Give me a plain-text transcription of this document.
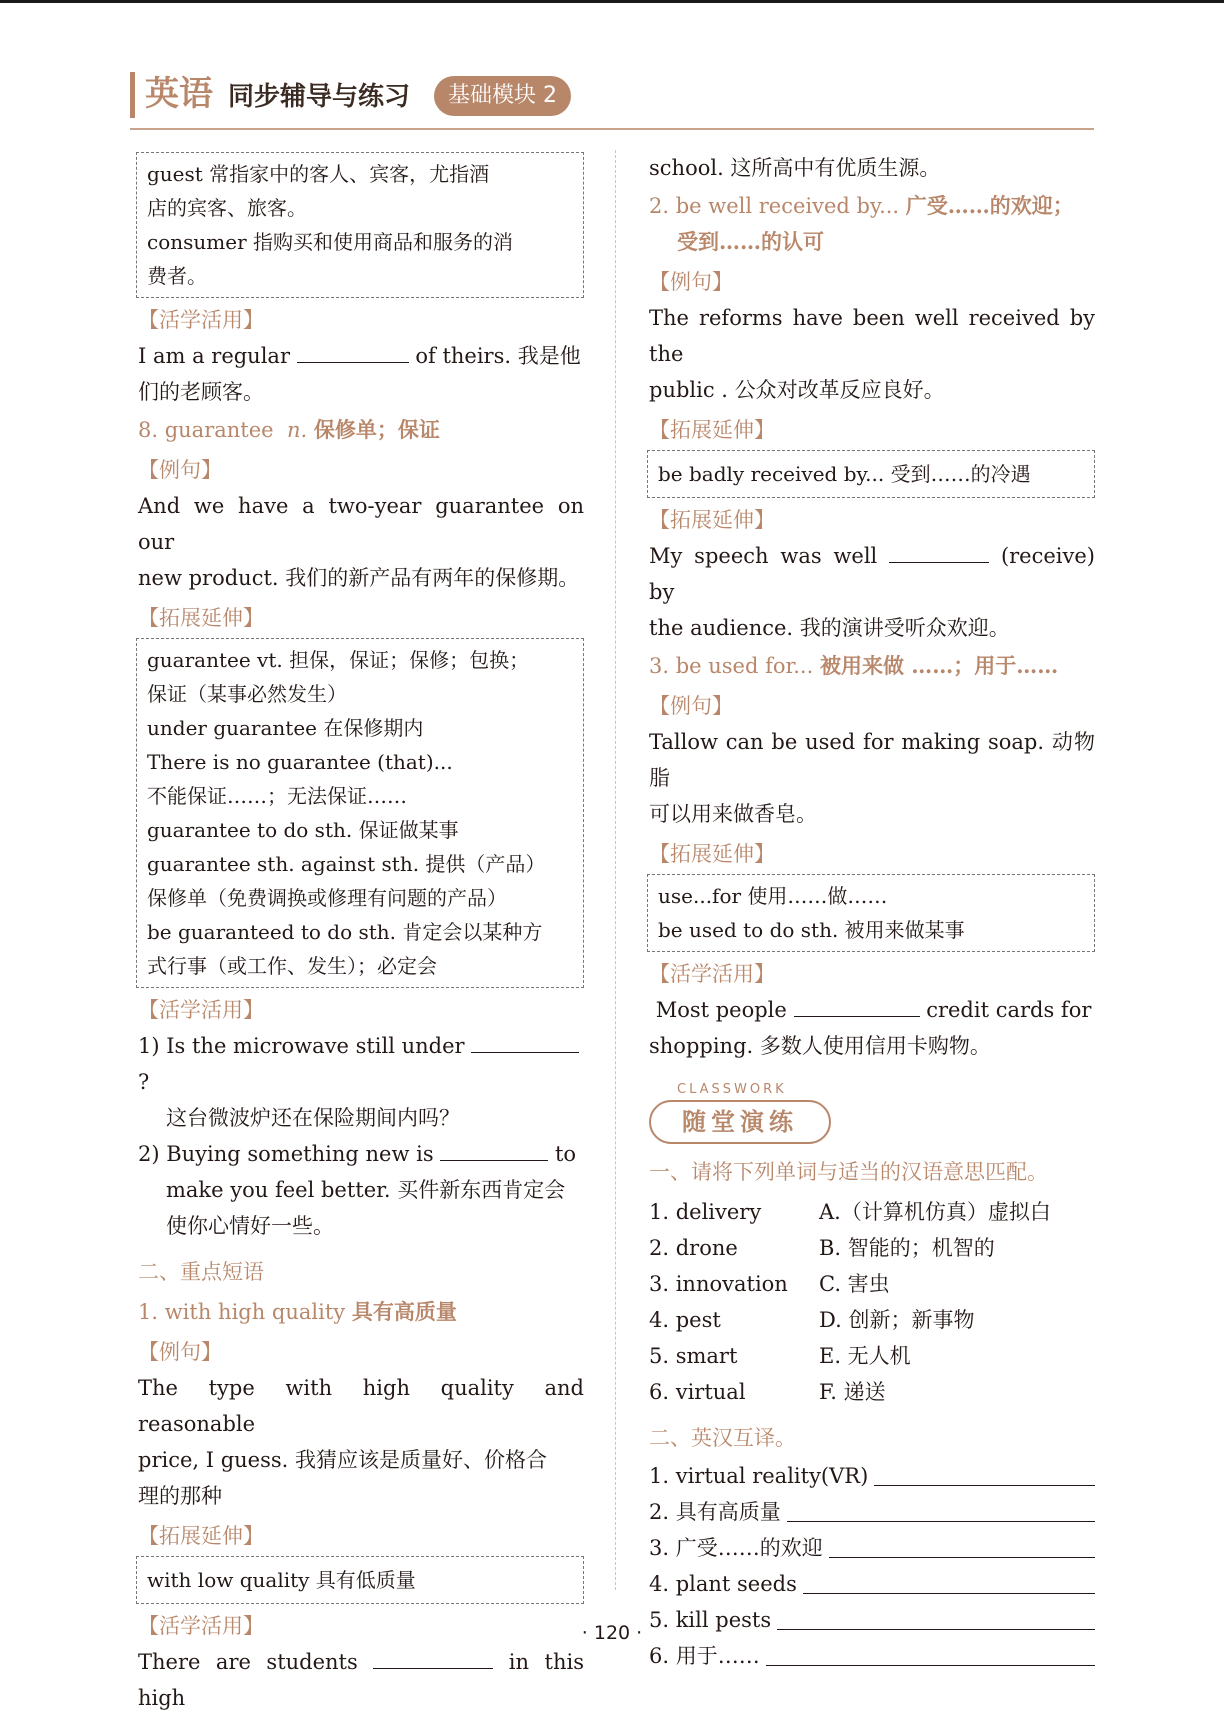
英语 同步辅导与练习	基础模块 2

guest 常指家中的客人、宾客，尤指酒

店的宾客、旅客。

consumer 指购买和使用商品和服务的消

费者。

【活学活用】

I am a regular	of theirs. 我是他

们的老顾客。

8. guarantee n. 保修单；保证

【例句】

And we have a two-year guarantee on our

new product. 我们的新产品有两年的保修期。

【拓展延伸】

guarantee vt. 担保，保证；保修；包换；

保证（某事必然发生）

under guarantee 在保修期内

There is no guarantee (that)...

不能保证……；无法保证……

guarantee to do sth. 保证做某事

guarantee sth. against sth. 提供（产品）

保修单（免费调换或修理有问题的产品）

be guaranteed to do sth. 肯定会以某种方

式行事（或工作、发生）；必定会

【活学活用】

1) Is the microwave still under  ?

这台微波炉还在保险期间内吗？

2) Buying something new is	to

make you feel better. 买件新东西肯定会

使你心情好一些。

二、重点短语

1. with high quality 具有高质量

【例句】

The type with high quality and reasonable

price, I guess. 我猜应该是质量好、价格合

理的那种

【拓展延伸】

with low quality 具有低质量

【活学活用】

There are students	in this high

school. 这所高中有优质生源。

2. be well received by... 广受……的欢迎；

受到……的认可

【例句】

The reforms have been well received by the

public . 公众对改革反应良好。

【拓展延伸】

be badly received by... 受到……的冷遇

【拓展延伸】

My speech was well	(receive) by

the audience. 我的演讲受听众欢迎。

3. be used for... 被用来做 ……；用于……

【例句】

Tallow can be used for making soap. 动物脂

可以用来做香皂。

【拓展延伸】

use...for 使用……做……

be used to do sth. 被用来做某事

【活学活用】

Most people	credit cards for

shopping. 多数人使用信用卡购物。

CLASSWORK
随堂演练

一、请将下列单词与适当的汉语意思匹配。

1. delivery	A.（计算机仿真）虚拟白
2. drone	B. 智能的；机智的
3. innovation	C. 害虫
4. pest	D. 创新；新事物
5. smart	E. 无人机
6. virtual	F. 递送

二、英汉互译。

1. virtual reality(VR)
2. 具有高质量
3. 广受……的欢迎
4. plant seeds
5. kill pests
6. 用于……
· 120 ·
